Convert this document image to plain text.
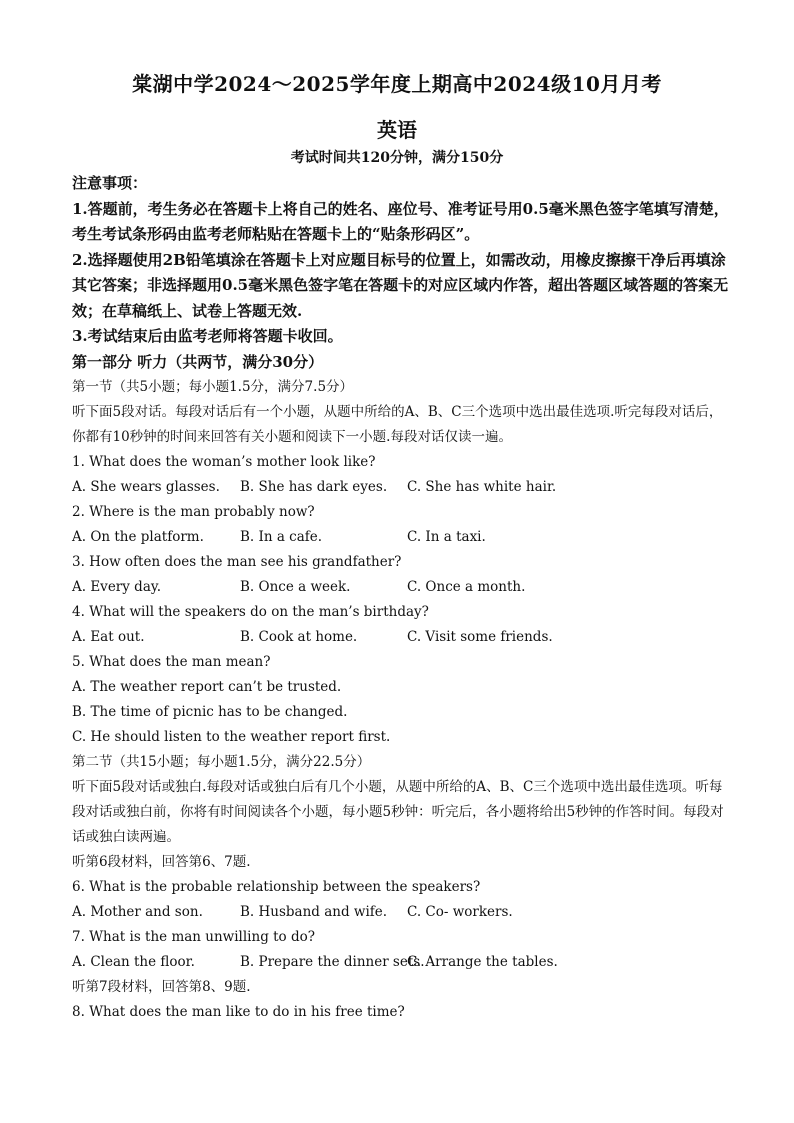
棠湖中学2024～2025学年度上期高中2024级10月月考
英语
考试时间共120分钟，满分150分
注意事项：
1.答题前，考生务必在答题卡上将自己的姓名、座位号、准考证号用0.5毫米黑色签字笔填写清楚，考生考试条形码由监考老师粘贴在答题卡上的“贴条形码区”。
2.选择题使用2B铅笔填涂在答题卡上对应题目标号的位置上，如需改动，用橡皮擦擦干净后再填涂其它答案；非选择题用0.5毫米黑色签字笔在答题卡的对应区域内作答，超出答题区域答题的答案无效；在草稿纸上、试卷上答题无效.
3.考试结束后由监考老师将答题卡收回。
第一部分 听力（共两节，满分30分）
第一节（共5小题；每小题1.5分，满分7.5分）
听下面5段对话。每段对话后有一个小题，从题中所给的A、B、C三个选项中选出最佳选项.听完每段对话后，你都有10秒钟的时间来回答有关小题和阅读下一小题.每段对话仅读一遍。
1. What does the woman’s mother look like?
A. She wears glasses.	B. She has dark eyes.	C. She has white hair.
2. Where is the man probably now?
A. On the platform.	B. In a cafe.	C. In a taxi.
3. How often does the man see his grandfather?
A. Every day.	B. Once a week.	C. Once a month.
4. What will the speakers do on the man’s birthday?
A. Eat out.	B. Cook at home.	C. Visit some friends.
5. What does the man mean?
A. The weather report can’t be trusted.
B. The time of picnic has to be changed.
C. He should listen to the weather report first.
第二节（共15小题；每小题1.5分，满分22.5分）
听下面5段对话或独白.每段对话或独白后有几个小题，从题中所给的A、B、C三个选项中选出最佳选项。听每段对话或独白前，你将有时间阅读各个小题，每小题5秒钟：听完后，各小题将给出5秒钟的作答时间。每段对话或独白读两遍。
听第6段材料，回答第6、7题.
6. What is the probable relationship between the speakers?
A. Mother and son.	B. Husband and wife.	C. Co- workers.
7. What is the man unwilling to do?
A. Clean the floor.	B. Prepare the dinner sets.
C. Arrange the tables.
听第7段材料，回答第8、9题.
8. What does the man like to do in his free time?
